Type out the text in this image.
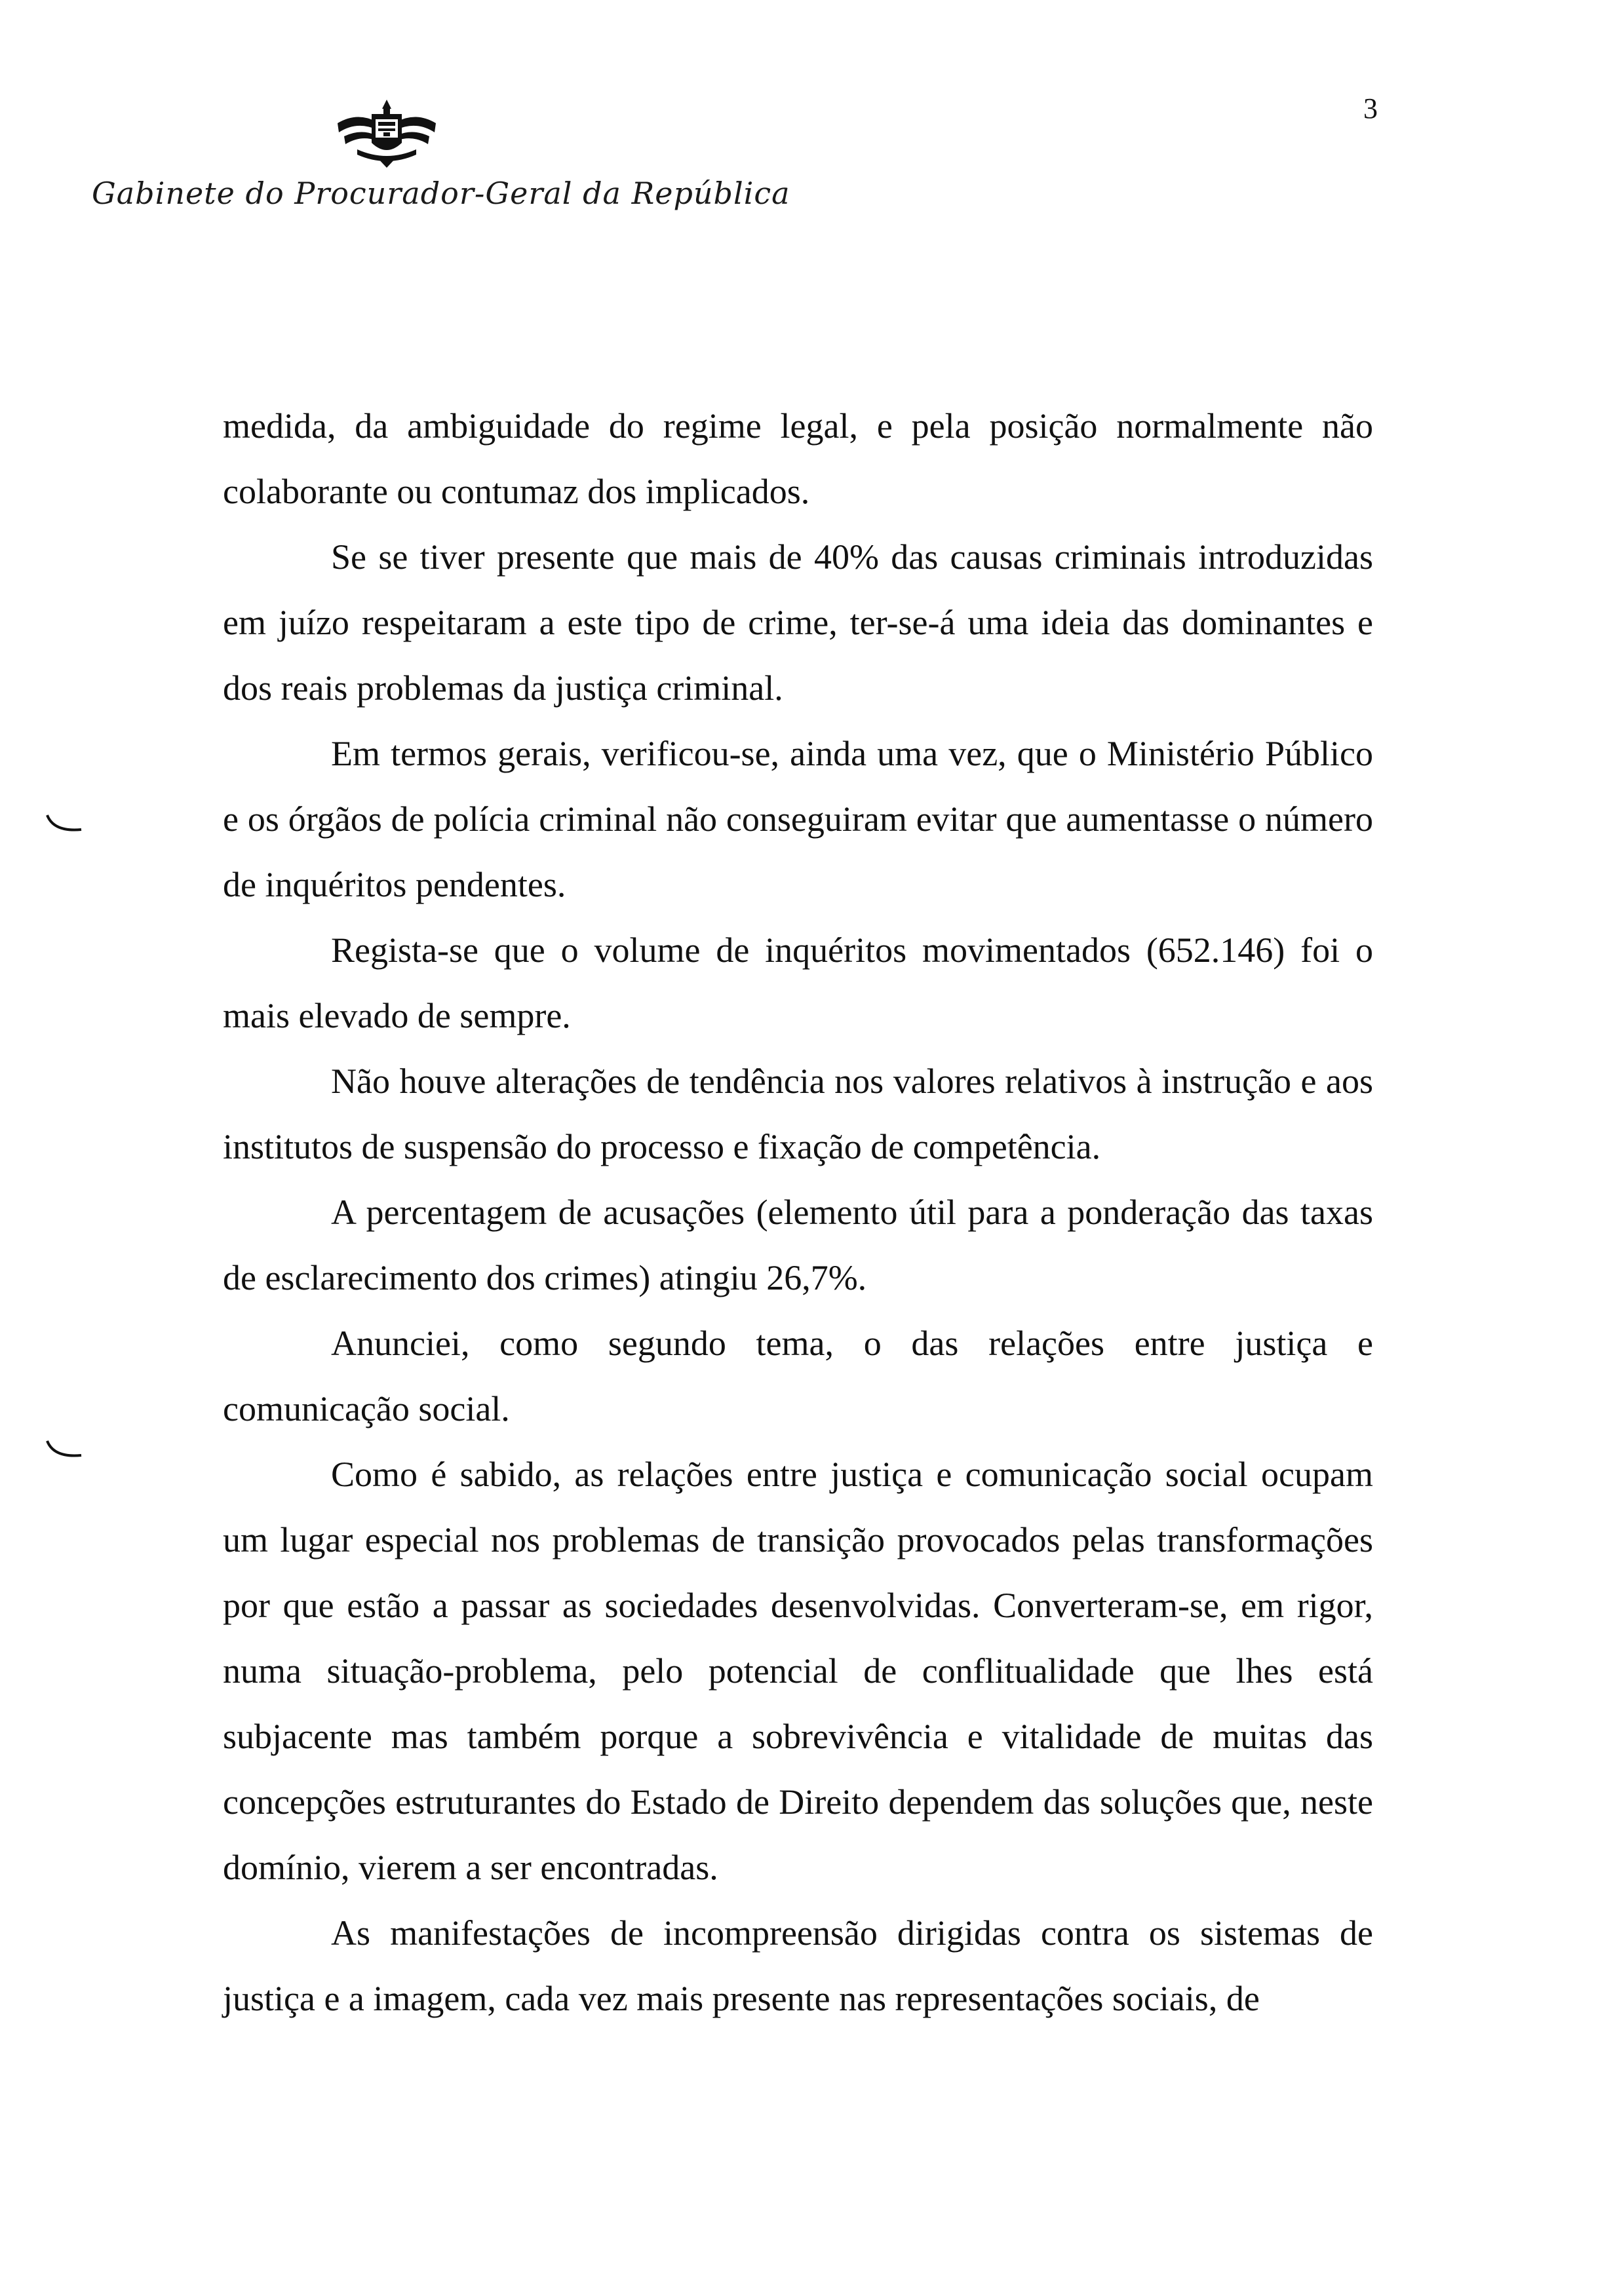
Gabinete do Procurador-Geral da República
3

medida, da ambiguidade do regime legal, e pela posição normalmente não colaborante ou contumaz dos implicados.

Se se tiver presente que mais de 40% das causas criminais introduzidas em juízo respeitaram a este tipo de crime, ter-se-á uma ideia das dominantes e dos reais problemas da justiça criminal.

Em termos gerais, verificou-se, ainda uma vez, que o Ministério Público e os órgãos de polícia criminal não conseguiram evitar que aumentasse o número de inquéritos pendentes.

Regista-se que o volume de inquéritos movimentados (652.146) foi o mais elevado de sempre.

Não houve alterações de tendência nos valores relativos à instrução e aos institutos de suspensão do processo e fixação de competência.

A percentagem de acusações (elemento útil para a ponderação das taxas de esclarecimento dos crimes) atingiu 26,7%.

Anunciei, como segundo tema, o das relações entre justiça e comunicação social.

Como é sabido, as relações entre justiça e comunicação social ocupam um lugar especial nos problemas de transição provocados pelas transformações por que estão a passar as sociedades desenvolvidas. Converteram-se, em rigor, numa situação-problema, pelo potencial de conflitualidade que lhes está subjacente mas também porque a sobrevivência e vitalidade de muitas das concepções estruturantes do Estado de Direito dependem das soluções que, neste domínio, vierem a ser encontradas.

As manifestações de incompreensão dirigidas contra os sistemas de justiça e a imagem, cada vez mais presente nas representações sociais, de
